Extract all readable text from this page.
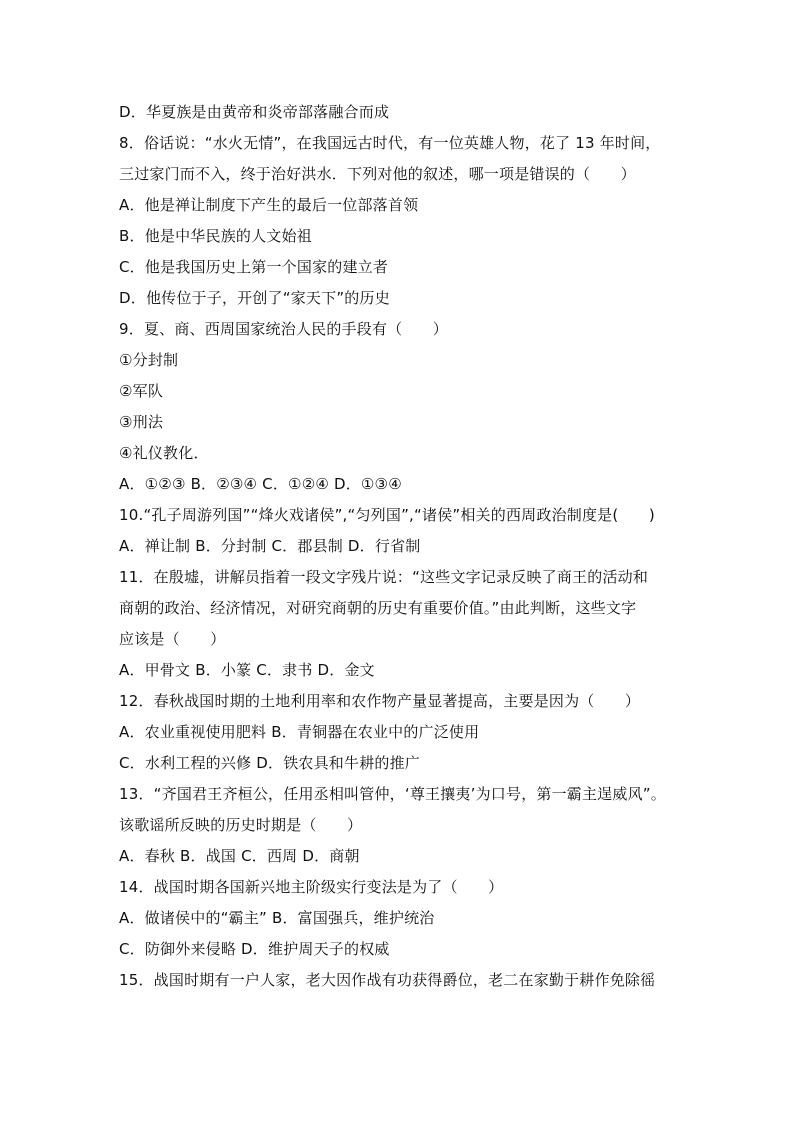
D．华夏族是由黄帝和炎帝部落融合而成
8．俗话说：“水火无情”，在我国远古时代，有一位英雄人物，花了 13 年时间，
三过家门而不入，终于治好洪水．下列对他的叙述，哪一项是错误的（　　）
A．他是禅让制度下产生的最后一位部落首领
B．他是中华民族的人文始祖
C．他是我国历史上第一个国家的建立者
D．他传位于子，开创了“家天下”的历史
9．夏、商、西周国家统治人民的手段有（　　）
①分封制
②军队
③刑法
④礼仪教化．
A．①②③ B．②③④ C．①②④ D．①③④
10.“孔子周游列国”“烽火戏诸侯”,“匀列国”,“诸侯”相关的西周政治制度是(　　)
A．禅让制 B．分封制 C．郡县制 D．行省制
11．在殷墟，讲解员指着一段文字残片说：“这些文字记录反映了商王的活动和
商朝的政治、经济情况，对研究商朝的历史有重要价值。”由此判断，这些文字
应该是（　　）
A．甲骨文 B．小篆 C．隶书 D．金文
12．春秋战国时期的土地利用率和农作物产量显著提高，主要是因为（　　）
A．农业重视使用肥料 B．青铜器在农业中的广泛使用
C．水利工程的兴修 D．铁农具和牛耕的推广
13．“齐国君王齐桓公，任用丞相叫管仲，‘尊王攘夷’为口号，第一霸主逞威风”。
该歌谣所反映的历史时期是（　　）
A．春秋 B．战国 C．西周 D．商朝
14．战国时期各国新兴地主阶级实行变法是为了（　　）
A．做诸侯中的“霸主” B．富国强兵，维护统治
C．防御外来侵略 D．维护周天子的权威
15．战国时期有一户人家，老大因作战有功获得爵位，老二在家勤于耕作免除徭
